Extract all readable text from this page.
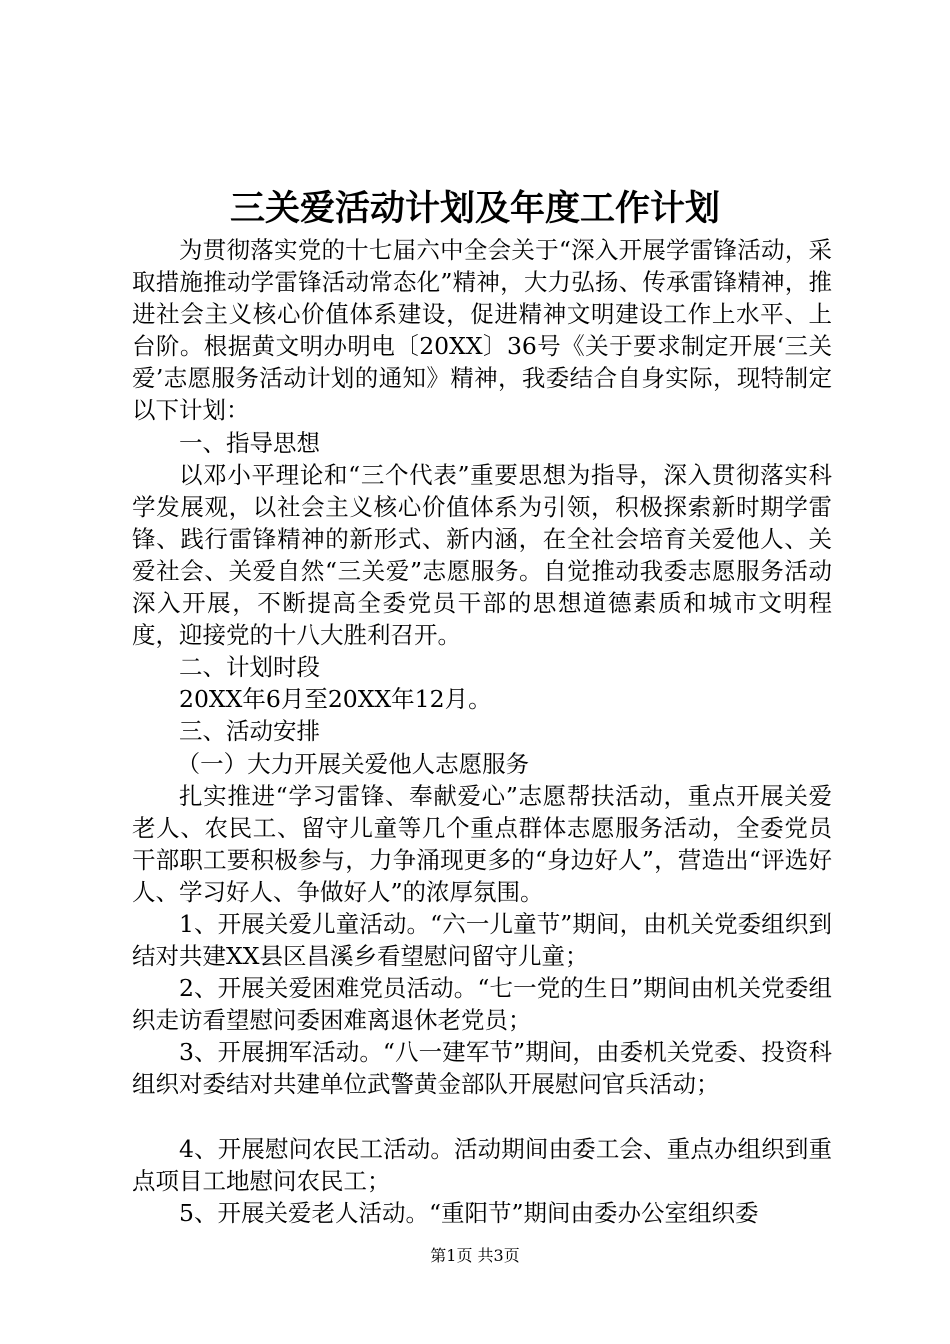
三关爱活动计划及年度工作计划

为贯彻落实党的十七届六中全会关于“深入开展学雷锋活动，采取措施推动学雷锋活动常态化”精神，大力弘扬、传承雷锋精神，推进社会主义核心价值体系建设，促进精神文明建设工作上水平、上台阶。根据黄文明办明电〔20XX〕36号《关于要求制定开展‘三关爱’志愿服务活动计划的通知》精神，我委结合自身实际，现特制定以下计划：

一、指导思想

以邓小平理论和“三个代表”重要思想为指导，深入贯彻落实科学发展观，以社会主义核心价值体系为引领，积极探索新时期学雷锋、践行雷锋精神的新形式、新内涵，在全社会培育关爱他人、关爱社会、关爱自然“三关爱”志愿服务。自觉推动我委志愿服务活动深入开展，不断提高全委党员干部的思想道德素质和城市文明程度，迎接党的十八大胜利召开。

二、计划时段

20XX年6月至20XX年12月。

三、活动安排

（一）大力开展关爱他人志愿服务

扎实推进“学习雷锋、奉献爱心”志愿帮扶活动，重点开展关爱老人、农民工、留守儿童等几个重点群体志愿服务活动，全委党员干部职工要积极参与，力争涌现更多的“身边好人”，营造出“评选好人、学习好人、争做好人”的浓厚氛围。

1、开展关爱儿童活动。“六一儿童节”期间，由机关党委组织到结对共建XX县区昌溪乡看望慰问留守儿童；

2、开展关爱困难党员活动。“七一党的生日”期间由机关党委组织走访看望慰问委困难离退休老党员；

3、开展拥军活动。“八一建军节”期间，由委机关党委、投资科组织对委结对共建单位武警黄金部队开展慰问官兵活动；

4、开展慰问农民工活动。活动期间由委工会、重点办组织到重点项目工地慰问农民工；

5、开展关爱老人活动。“重阳节”期间由委办公室组织委

第1页 共3页
